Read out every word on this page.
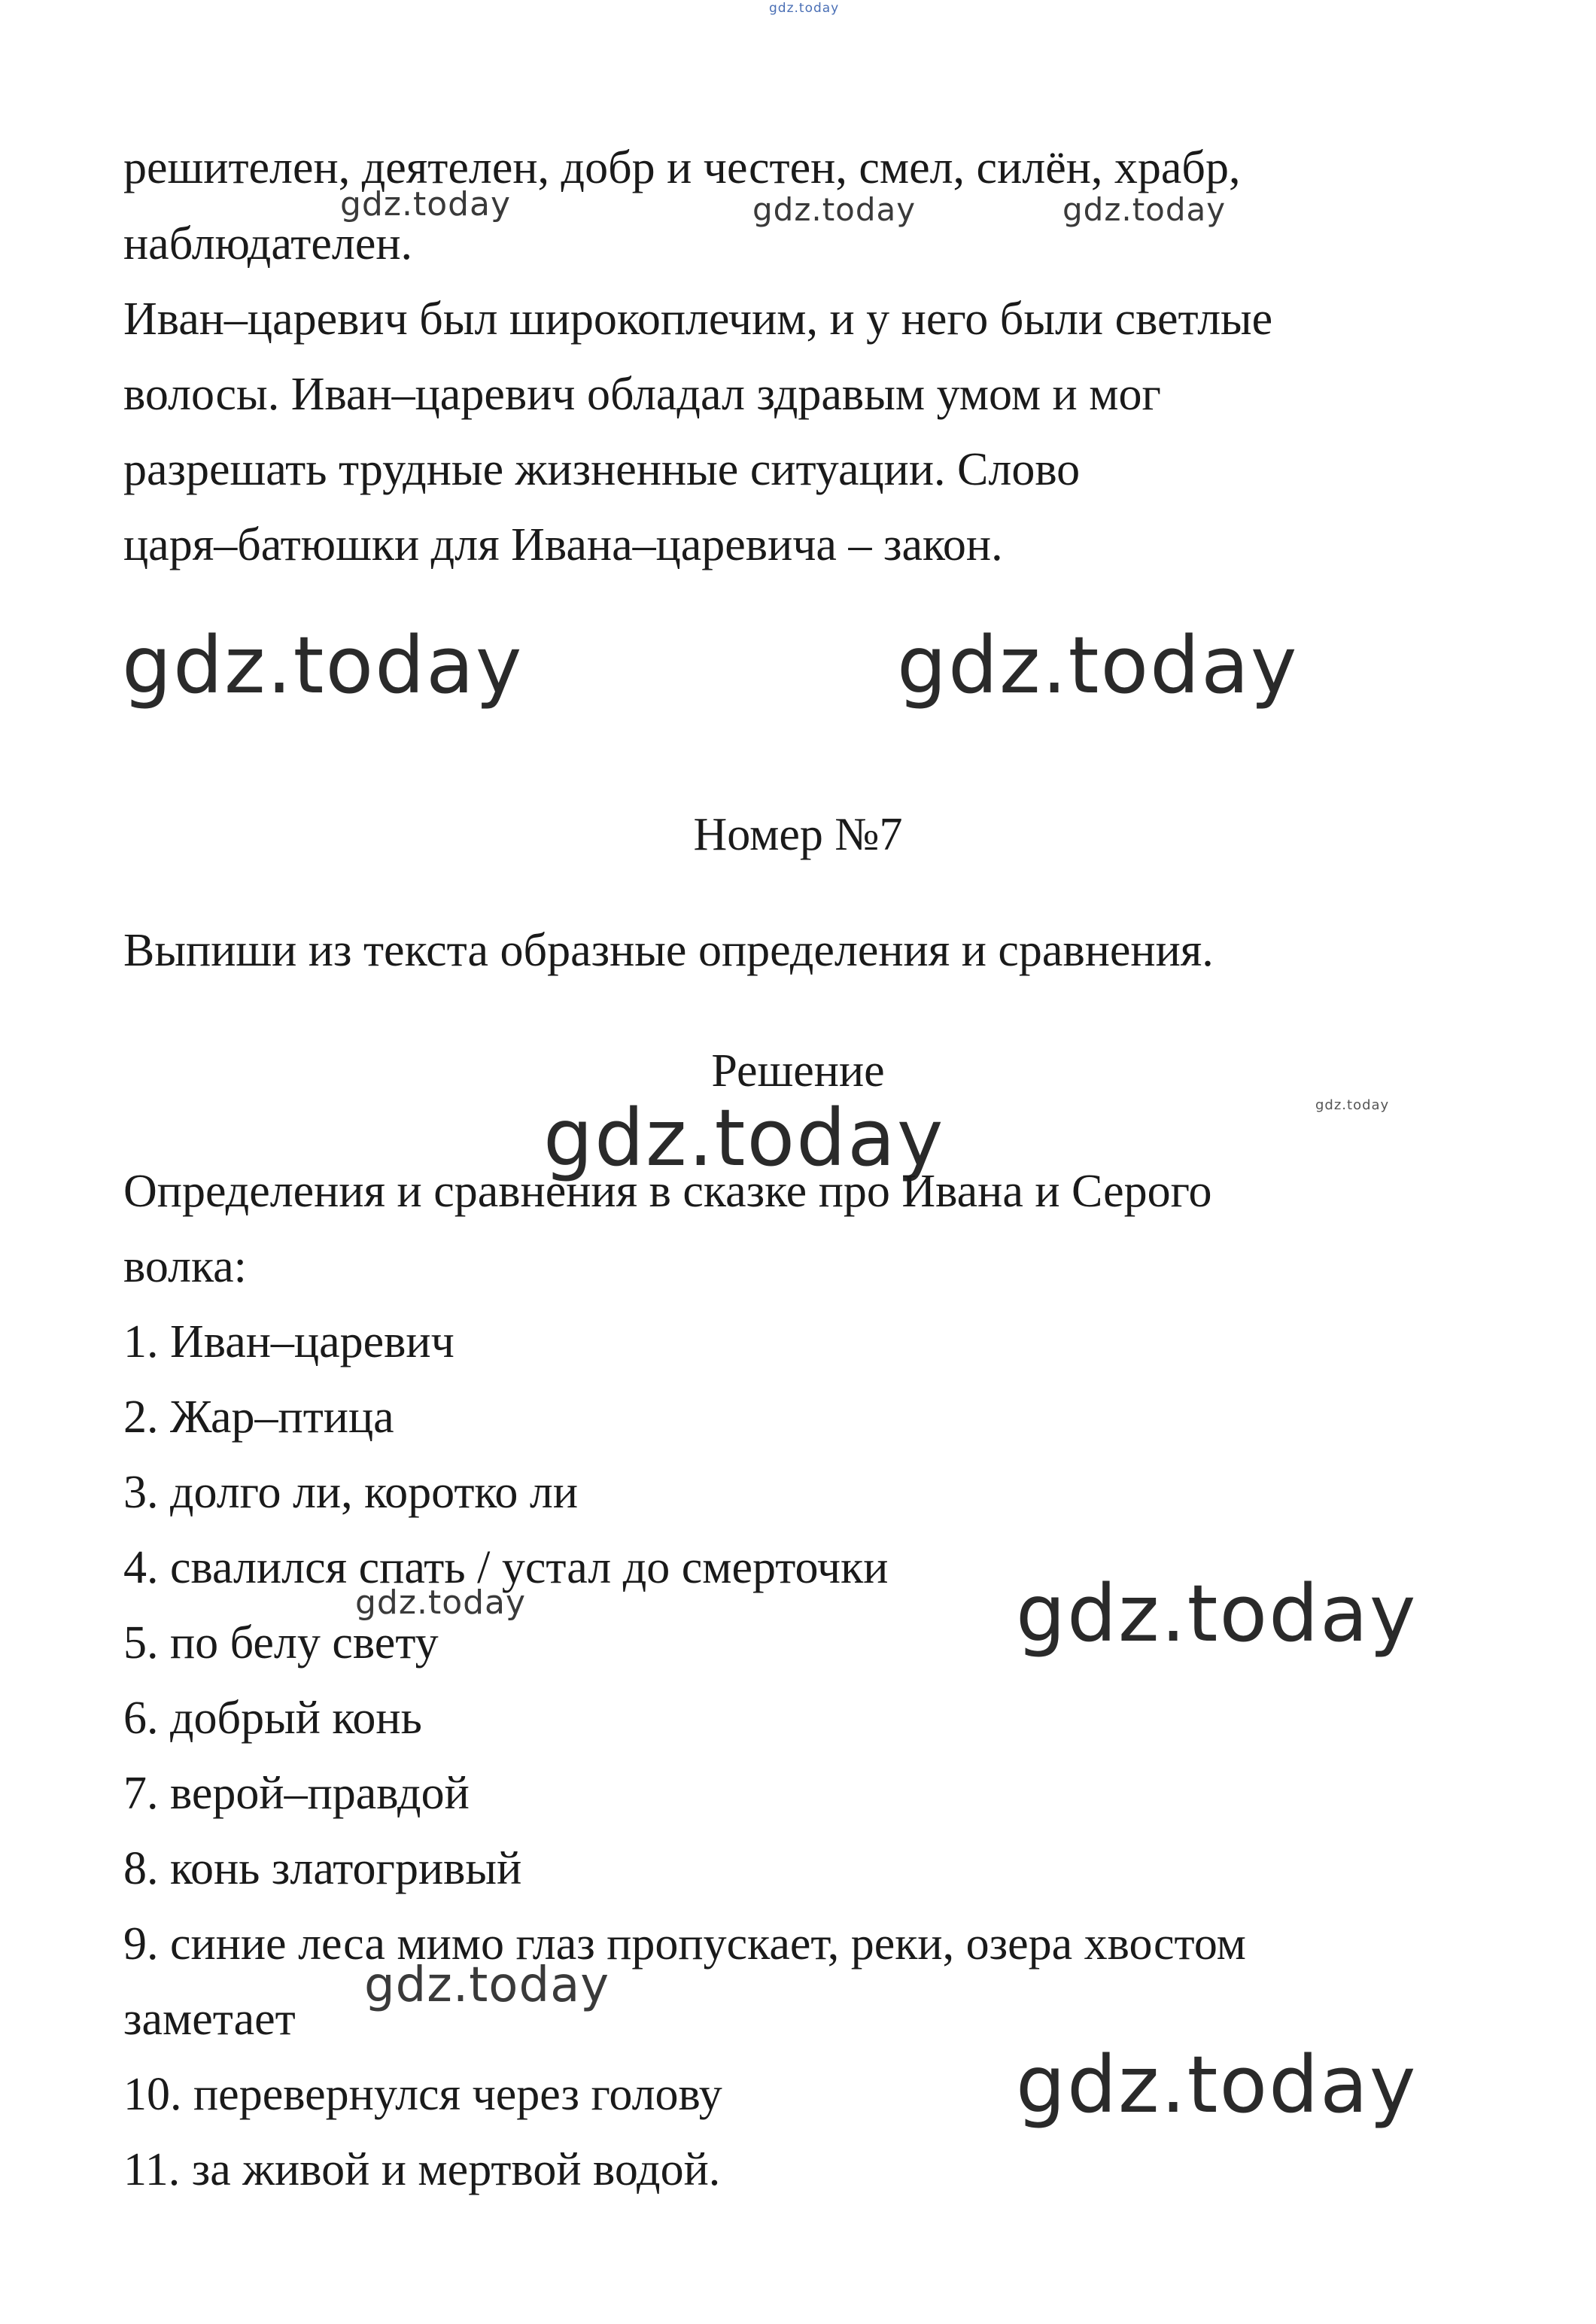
gdz.today
решителен, деятелен, добр и честен, смел, силён, храбр,
gdz.today	gdz.today	gdz.today
наблюдателен.
Иван–царевич был широкоплечим, и у него были светлые
волосы. Иван–царевич обладал здравым умом и мог
разрешать трудные жизненные ситуации. Слово
царя–батюшки для Ивана–царевича – закон.
gdz.today	gdz.today
Номер №7
Выпиши из текста образные определения и сравнения.
Решение
gdz.today	gdz.today
Определения и сравнения в сказке про Ивана и Серого
волка:
1. Иван–царевич
2. Жар–птица
3. долго ли, коротко ли
4. свалился спать / устал до смерточки
gdz.today	gdz.today
5. по белу свету
6. добрый конь
7. верой–правдой
8. конь златогривый
9. синие леса мимо глаз пропускает, реки, озера хвостом
gdz.today
заметает
gdz.today
10. перевернулся через голову
11. за живой и мертвой водой.
